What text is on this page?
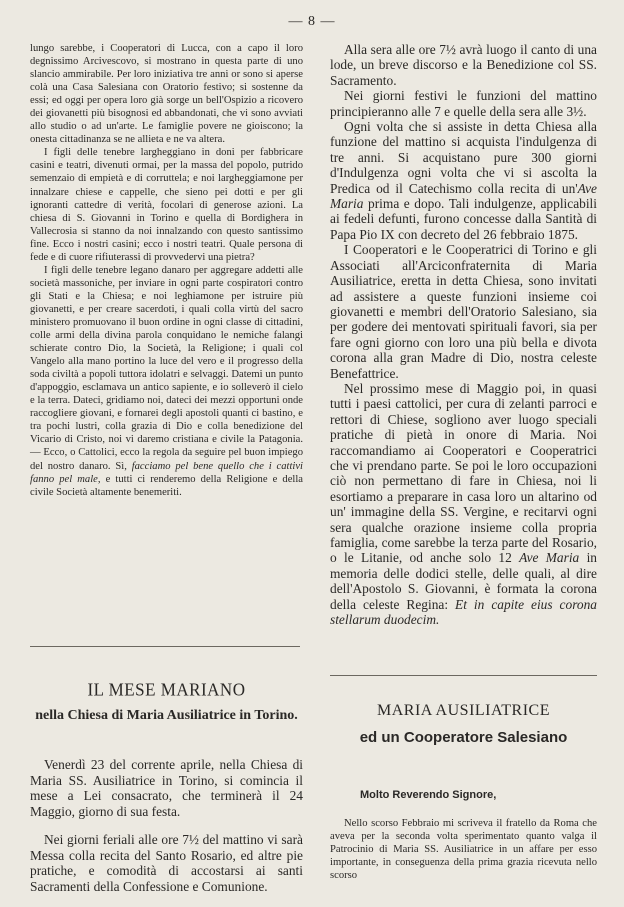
— 8 —

lungo sarebbe, i Cooperatori di Lucca, con a capo il loro degnissimo Arcivescovo, si mostrano in questa parte di uno slancio ammirabile. Per loro iniziativa tre anni or sono si aperse colà una Casa Salesiana con Oratorio festivo; si sostenne da essi; ed oggi per opera loro già sorge un bell'Ospizio a ricovero dei giovanetti più bisognosi ed abbandonati, che vi sono avviati allo studio o ad un'arte. Le famiglie povere ne gioiscono; la onesta cittadinanza se ne allieta e ne va altera.

I figli delle tenebre largheggiano in doni per fabbricare casini e teatri, divenuti ormai, per la massa del popolo, putrido semenzaio di empietà e di corruttela; e noi largheggiamone per innalzare chiese e cappelle, che sieno pei dotti e per gli ignoranti cattedre di verità, focolari di generose azioni. La chiesa di S. Giovanni in Torino e quella di Bordighera in Vallecrosia si stanno da noi innalzando con questo santissimo fine. Ecco i nostri casini; ecco i nostri teatri. Quale persona di fede e di cuore rifiuterassi di provvedervi una pietra?

I figli delle tenebre legano danaro per aggregare addetti alle società massoniche, per inviare in ogni parte cospiratori contro gli Stati e la Chiesa; e noi leghiamone per istruire più giovanetti, e per creare sacerdoti, i quali colla virtù del sacro ministero promuovano il buon ordine in ogni classe di cittadini, colle armi della divina parola conquidano le nemiche falangi schierate contro Dio, la Società, la Religione; i quali col Vangelo alla mano portino la luce del vero e il progresso della soda civiltà a popoli tuttora idolatri e selvaggi. Datemi un punto d'appoggio, esclamava un antico sapiente, e io solleverò il cielo e la terra. Dateci, gridiamo noi, dateci dei mezzi opportuni onde raccogliere giovani, e fornarei degli apostoli quanti ci bastino, e tra pochi lustri, colla grazia di Dio e colla benedizione del Vicario di Cristo, noi vi daremo cristiana e civile la Patagonia. — Ecco, o Cattolici, ecco la regola da seguire pel buon impiego del nostro danaro. Sì, facciamo pel bene quello che i cattivi fanno pel male, e tutti ci renderemo della Religione e della civile Società altamente benemeriti.

IL MESE MARIANO
nella Chiesa di Maria Ausiliatrice in Torino.

Venerdì 23 del corrente aprile, nella Chiesa di Maria SS. Ausiliatrice in Torino, si comincia il mese a Lei consacrato, che terminerà il 24 Maggio, giorno di sua festa.

Nei giorni feriali alle ore 7½ del mattino vi sarà Messa colla recita del Santo Rosario, ed altre pie pratiche, e comodità di accostarsi ai santi Sacramenti della Confessione e Comunione.

Alla sera alle ore 7½ avrà luogo il canto di una lode, un breve discorso e la Benedizione col SS. Sacramento.

Nei giorni festivi le funzioni del mattino principieranno alle 7 e quelle della sera alle 3½.

Ogni volta che si assiste in detta Chiesa alla funzione del mattino si acquista l'indulgenza di tre anni. Si acquistano pure 300 giorni d'Indulgenza ogni volta che vi si ascolta la Predica od il Catechismo colla recita di un'Ave Maria prima e dopo. Tali indulgenze, applicabili ai fedeli defunti, furono concesse dalla Santità di Papa Pio IX con decreto del 26 febbraio 1875.

I Cooperatori e le Cooperatrici di Torino e gli Associati all'Arciconfraternita di Maria Ausiliatrice, eretta in detta Chiesa, sono invitati ad assistere a queste funzioni insieme coi giovanetti e membri dell'Oratorio Salesiano, sia per godere dei mentovati spirituali favori, sia per fare ogni giorno con loro una più bella e divota corona alla gran Madre di Dio, nostra celeste Benefattrice.

Nel prossimo mese di Maggio poi, in quasi tutti i paesi cattolici, per cura di zelanti parroci e rettori di Chiese, sogliono aver luogo speciali pratiche di pietà in onore di Maria. Noi raccomandiamo ai Cooperatori e Cooperatrici che vi prendano parte. Se poi le loro occupazioni ciò non permettano di fare in Chiesa, noi li esortiamo a preparare in casa loro un altarino od un' immagine della SS. Vergine, e recitarvi ogni sera qualche orazione insieme colla propria famiglia, come sarebbe la terza parte del Rosario, o le Litanie, od anche solo 12 Ave Maria in memoria delle dodici stelle, delle quali, al dire dell'Apostolo S. Giovanni, è formata la corona della celeste Regina: Et in capite eius corona stellarum duodecim.

MARIA AUSILIATRICE
ed un Cooperatore Salesiano
Molto Reverendo Signore,

Nello scorso Febbraio mi scriveva il fratello da Roma che aveva per la seconda volta sperimentato quanto valga il Patrocinio di Maria SS. Ausiliatrice in un affare per esso importante, in conseguenza della prima grazia ricevuta nello scorso
